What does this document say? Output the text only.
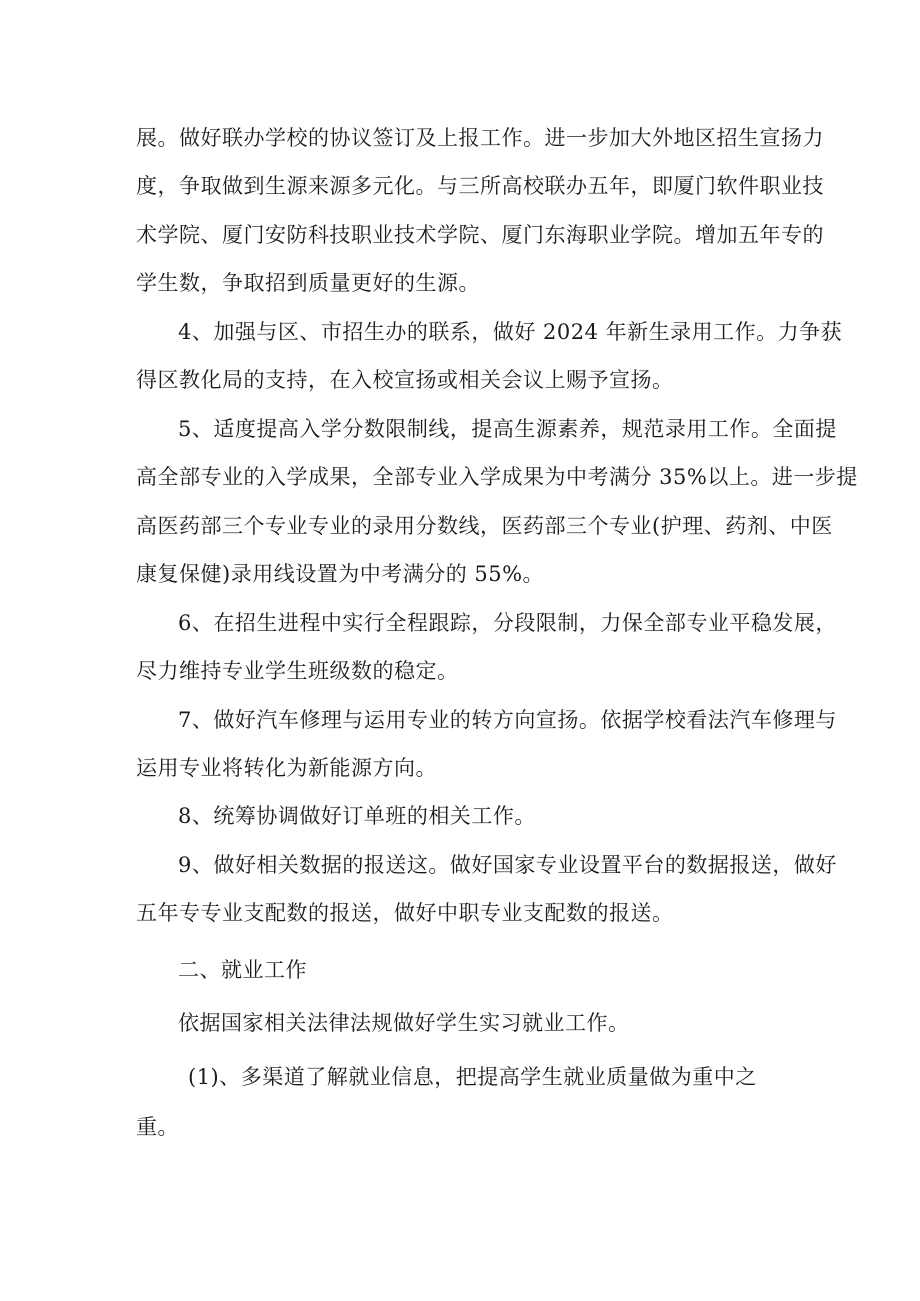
展。做好联办学校的协议签订及上报工作。进一步加大外地区招生宣扬力
度，争取做到生源来源多元化。与三所高校联办五年，即厦门软件职业技
术学院、厦门安防科技职业技术学院、厦门东海职业学院。增加五年专的
学生数，争取招到质量更好的生源。
4、加强与区、市招生办的联系，做好 2024 年新生录用工作。力争获
得区教化局的支持，在入校宣扬或相关会议上赐予宣扬。
5、适度提高入学分数限制线，提高生源素养，规范录用工作。全面提
高全部专业的入学成果，全部专业入学成果为中考满分 35%以上。进一步提
高医药部三个专业专业的录用分数线，医药部三个专业(护理、药剂、中医
康复保健)录用线设置为中考满分的 55%。
6、在招生进程中实行全程跟踪，分段限制，力保全部专业平稳发展，
尽力维持专业学生班级数的稳定。
7、做好汽车修理与运用专业的转方向宣扬。依据学校看法汽车修理与
运用专业将转化为新能源方向。
8、统筹协调做好订单班的相关工作。
9、做好相关数据的报送这。做好国家专业设置平台的数据报送，做好
五年专专业支配数的报送，做好中职专业支配数的报送。
二、就业工作
依据国家相关法律法规做好学生实习就业工作。
(1)、多渠道了解就业信息，把提高学生就业质量做为重中之
重。
